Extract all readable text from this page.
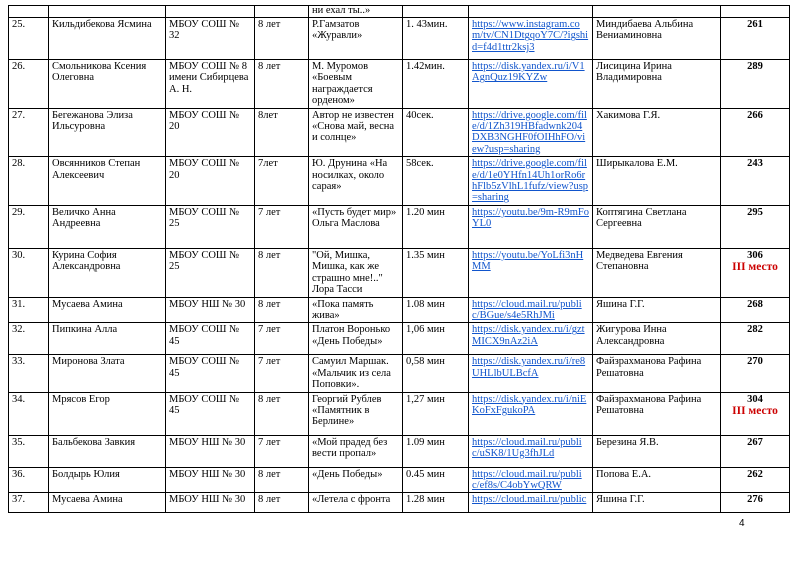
				ни ехал ты..»				
25.	Кильдибекова Ясмина	МБОУ СОШ № 32	8 лет	Р.Гамзатов «Журавли»	1. 43мин.	https://www.instagram.com/tv/CN1DtgqoY7C/?igshid=f4d1ttr2ksj3	Миндибаева Альбина Вениаминовна	261
26.	Смольникова Ксения Олеговна	МБОУ СОШ № 8 имени Сибирцева А. Н.	8 лет	М. Муромов «Боевым награждается орденом»	1.42мин.	https://disk.yandex.ru/i/V1AgnQuz19KYZw	Лисицина Ирина Владимировна	289
27.	Бегежанова Элиза Ильсуровна	МБОУ СОШ № 20	8лет	Автор не известен «Снова май, весна и солнце»	40сек.	https://drive.google.com/file/d/1Zh319HBfadwnk204DXB3NGHF0fOIHhFO/view?usp=sharing	Хакимова Г.Я.	266
28.	Овсянников Степан Алексеевич	МБОУ СОШ № 20	7лет	Ю. Друнина «На носилках, около сарая»	58сек.	https://drive.google.com/file/d/1e0YHfn14Uh1orRo6rhFlb5zVlhL1fufz/view?usp=sharing	Ширыкалова Е.М.	243
29.	Величко Анна Андреевна	МБОУ СОШ № 25	7 лет	«Пусть будет мир» Ольга Маслова	1.20 мин	https://youtu.be/9m-R9mFoYL0	Коптягина Светлана Сергеевна	295
30.	Курина София Александровна	МБОУ СОШ № 25	8 лет	"Ой, Мишка, Мишка, как же страшно мне!.." Лора Тасси	1.35 мин	https://youtu.be/YoLfi3nHMM	Медведева Евгения Степановна	306
III место

31.	Мусаева Амина	МБОУ НШ № 30	8 лет	«Пока память жива»	1.08 мин	https://cloud.mail.ru/public/BGue/s4e5RhJMi	Яшина Г.Г.	268
32.	Пипкина Алла	МБОУ СОШ № 45	7 лет	Платон Воронько «День Победы»	1,06 мин	https://disk.yandex.ru/i/gztMICX9nAz2iA	Жигурова Инна Александровна	282
33.	Миронова Злата	МБОУ СОШ № 45	7 лет	Самуил Маршак. «Мальчик из села Поповки».	0,58 мин	https://disk.yandex.ru/i/re8UHLlbULBcfA	Файзрахманова Рафина Решатовна	270
34.	Мрясов Егор	МБОУ СОШ № 45	8 лет	Георгий Рублев «Памятник в Берлине»	1,27 мин	https://disk.yandex.ru/i/niEKoFxFgukoPA	Файзрахманова Рафина Решатовна	304
III место

35.	Бальбекова Завкия	МБОУ НШ № 30	7 лет	«Мой прадед без вести пропал»	1.09 мин	https://cloud.mail.ru/public/uSK8/1Ug3fhJLd	Березина Я.В.	267
36.	Болдырь Юлия	МБОУ НШ № 30	8 лет	«День Победы»	0.45 мин	https://cloud.mail.ru/public/ef8s/C4obYwQRW	Попова Е.А.	262
37.	Мусаева Амина	МБОУ НШ № 30	8 лет	«Летела с фронта	1.28 мин	https://cloud.mail.ru/public	Яшина Г.Г.	276
4
